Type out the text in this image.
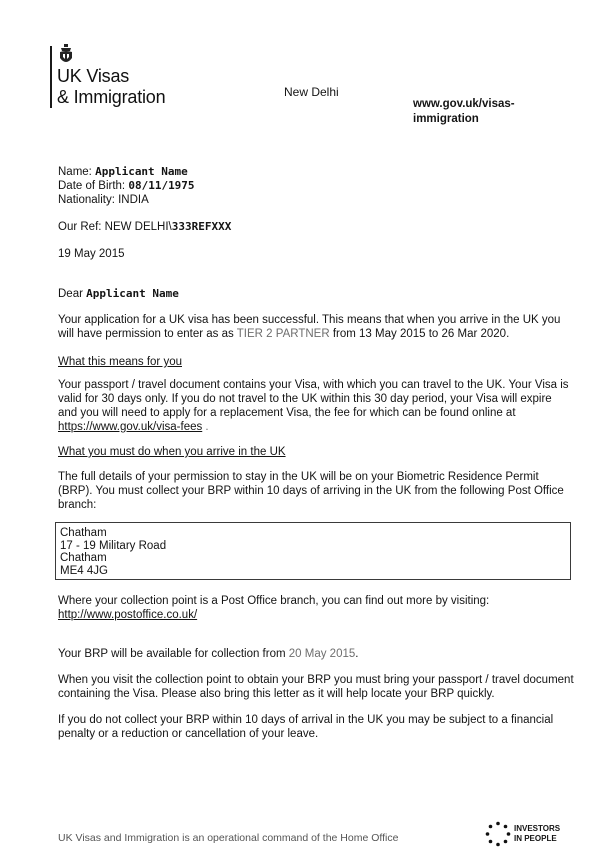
UK Visas
& Immigration	New Delhi
www.gov.uk/visas-
immigration
Name: Applicant Name
Date of Birth: 08/11/1975
Nationality: INDIA
Our Ref: NEW DELHI\333REFXXX
19 May 2015
Dear Applicant Name
Your application for a UK visa has been successful. This means that when you arrive in the UK you will have permission to enter as as TIER 2 PARTNER from 13 May 2015 to 26 Mar 2020.
What this means for you
Your passport / travel document contains your Visa, with which you can travel to the UK. Your Visa is valid for 30 days only. If you do not travel to the UK within this 30 day period, your Visa will expire and you will need to apply for a replacement Visa, the fee for which can be found online at https://www.gov.uk/visa-fees .
What you must do when you arrive in the UK
The full details of your permission to stay in the UK will be on your Biometric Residence Permit (BRP). You must collect your BRP within 10 days of arriving in the UK from the following Post Office branch:
Chatham
17 - 19 Military Road
Chatham
ME4 4JG
Where your collection point is a Post Office branch, you can find out more by visiting:
http://www.postoffice.co.uk/
Your BRP will be available for collection from 20 May 2015.
When you visit the collection point to obtain your BRP you must bring your passport / travel document containing the Visa. Please also bring this letter as it will help locate your BRP quickly.
If you do not collect your BRP within 10 days of arrival in the UK you may be subject to a financial penalty or a reduction or cancellation of your leave.
UK Visas and Immigration is an operational command of the Home Office
INVESTORS
IN PEOPLE
